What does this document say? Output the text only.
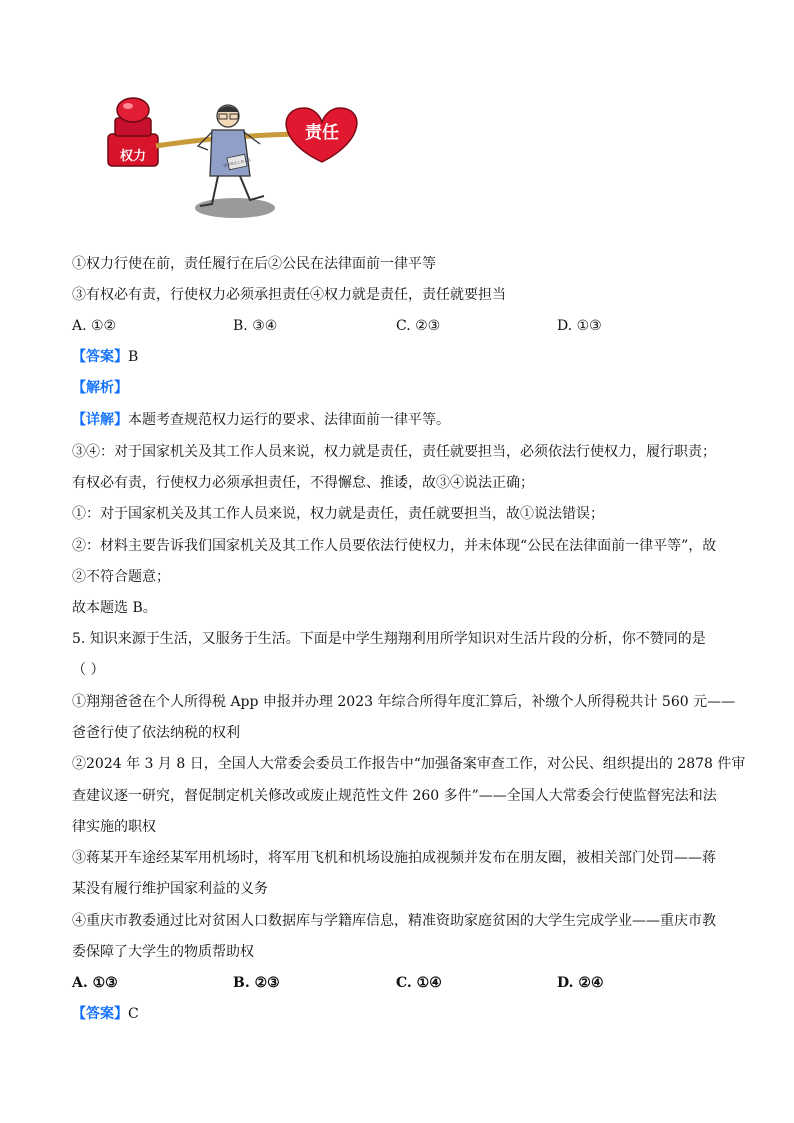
权力	国家机关工作人员
责任
①权力行使在前，责任履行在后②公民在法律面前一律平等
③有权必有责，行使权力必须承担责任④权力就是责任，责任就要担当
A. ①②	B. ③④	C. ②③	D. ①③
【答案】B
【解析】
【详解】本题考查规范权力运行的要求、法律面前一律平等。
③④：对于国家机关及其工作人员来说，权力就是责任，责任就要担当，必须依法行使权力，履行职责；
有权必有责，行使权力必须承担责任，不得懈怠、推诿，故③④说法正确；
①：对于国家机关及其工作人员来说，权力就是责任，责任就要担当，故①说法错误；
②：材料主要告诉我们国家机关及其工作人员要依法行使权力，并未体现“公民在法律面前一律平等”，故
②不符合题意；
故本题选 B。
5. 知识来源于生活，又服务于生活。下面是中学生翔翔利用所学知识对生活片段的分析，你不赞同的是
（ ）
①翔翔爸爸在个人所得税 App 申报并办理 2023 年综合所得年度汇算后，补缴个人所得税共计 560 元——
爸爸行使了依法纳税的权利
②2024 年 3 月 8 日，全国人大常委会委员工作报告中“加强备案审查工作，对公民、组织提出的 2878 件审
查建议逐一研究，督促制定机关修改或废止规范性文件 260 多件”——全国人大常委会行使监督宪法和法
律实施的职权
③蒋某开车途经某军用机场时，将军用飞机和机场设施拍成视频并发布在朋友圈，被相关部门处罚——蒋
某没有履行维护国家利益的义务
④重庆市教委通过比对贫困人口数据库与学籍库信息，精准资助家庭贫困的大学生完成学业——重庆市教
委保障了大学生的物质帮助权
A. ①③	B. ②③	C. ①④	D. ②④
【答案】C
